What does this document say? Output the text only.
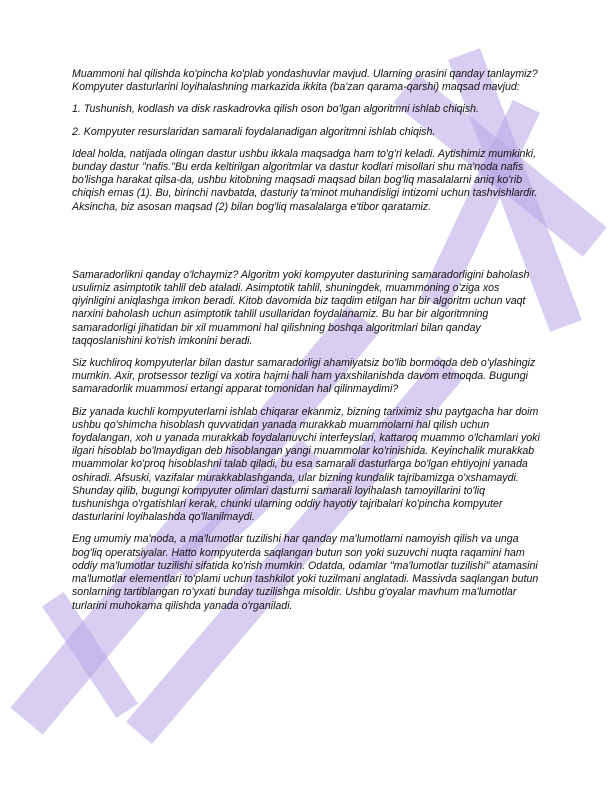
Muammoni hal qilishda ko'pincha ko'plab yondashuvlar mavjud. Ularning orasini qanday tanlaymiz? Kompyuter dasturlarini loyihalashning markazida ikkita (ba'zan qarama-qarshi) maqsad mavjud:

1. Tushunish, kodlash va disk raskadrovka qilish oson bo'lgan algoritmni ishlab chiqish.

2. Kompyuter resurslaridan samarali foydalanadigan algoritmni ishlab chiqish.

Ideal holda, natijada olingan dastur ushbu ikkala maqsadga ham to'g'ri keladi. Aytishimiz mumkinki, bunday dastur "nafis."Bu erda keltirilgan algoritmlar va dastur kodlari misollari shu ma'noda nafis bo'lishga harakat qilsa-da, ushbu kitobning maqsadi maqsad bilan bog'liq masalalarni aniq ko'rib chiqish emas (1). Bu, birinchi navbatda, dasturiy ta'minot muhandisligi intizomi uchun tashvishlardir. Aksincha, biz asosan maqsad (2) bilan bog'liq masalalarga e'tibor qaratamiz.

Samaradorlikni qanday o'lchaymiz? Algoritm yoki kompyuter dasturining samaradorligini baholash usulimiz asimptotik tahlil deb ataladi. Asimptotik tahlil, shuningdek, muammoning o'ziga xos qiyinligini aniqlashga imkon beradi. Kitob davomida biz taqdim etilgan har bir algoritm uchun vaqt narxini baholash uchun asimptotik tahlil usullaridan foydalanamiz. Bu har bir algoritmning samaradorligi jihatidan bir xil muammoni hal qilishning boshqa algoritmlari bilan qanday taqqoslanishini ko'rish imkonini beradi.

Siz kuchliroq kompyuterlar bilan dastur samaradorligi ahamiyatsiz bo'lib bormoqda deb o'ylashingiz mumkin. Axir, protsessor tezligi va xotira hajmi hali ham yaxshilanishda davom etmoqda. Bugungi samaradorlik muammosi ertangi apparat tomonidan hal qilinmaydimi?

Biz yanada kuchli kompyuterlarni ishlab chiqarar ekanmiz, bizning tariximiz shu paytgacha har doim ushbu qo'shimcha hisoblash quvvatidan yanada murakkab muammolarni hal qilish uchun foydalangan, xoh u yanada murakkab foydalanuvchi interfeyslari, kattaroq muammo o'lchamlari yoki ilgari hisoblab bo'lmaydigan deb hisoblangan yangi muammolar ko'rinishida. Keyinchalik murakkab muammolar ko'proq hisoblashni talab qiladi, bu esa samarali dasturlarga bo'lgan ehtiyojni yanada oshiradi. Afsuski, vazifalar murakkablashganda, ular bizning kundalik tajribamizga o'xshamaydi. Shunday qilib, bugungi kompyuter olimlari dasturni samarali loyihalash tamoyillarini to'liq tushunishga o'rgatishlari kerak, chunki ularning oddiy hayotiy tajribalari ko'pincha kompyuter dasturlarini loyihalashda qo'llanilmaydi.

Eng umumiy ma'noda, a ma'lumotlar tuzilishi har qanday ma'lumotlarni namoyish qilish va unga bog'liq operatsiyalar. Hatto kompyuterda saqlangan butun son yoki suzuvchi nuqta raqamini ham oddiy ma'lumotlar tuzilishi sifatida ko'rish mumkin. Odatda, odamlar "ma'lumotlar tuzilishi" atamasini ma'lumotlar elementlari to'plami uchun tashkilot yoki tuzilmani anglatadi. Massivda saqlangan butun sonlarning tartiblangan ro'yxati bunday tuzilishga misoldir. Ushbu g'oyalar mavhum ma'lumotlar turlarini muhokama qilishda yanada o'rganiladi.
